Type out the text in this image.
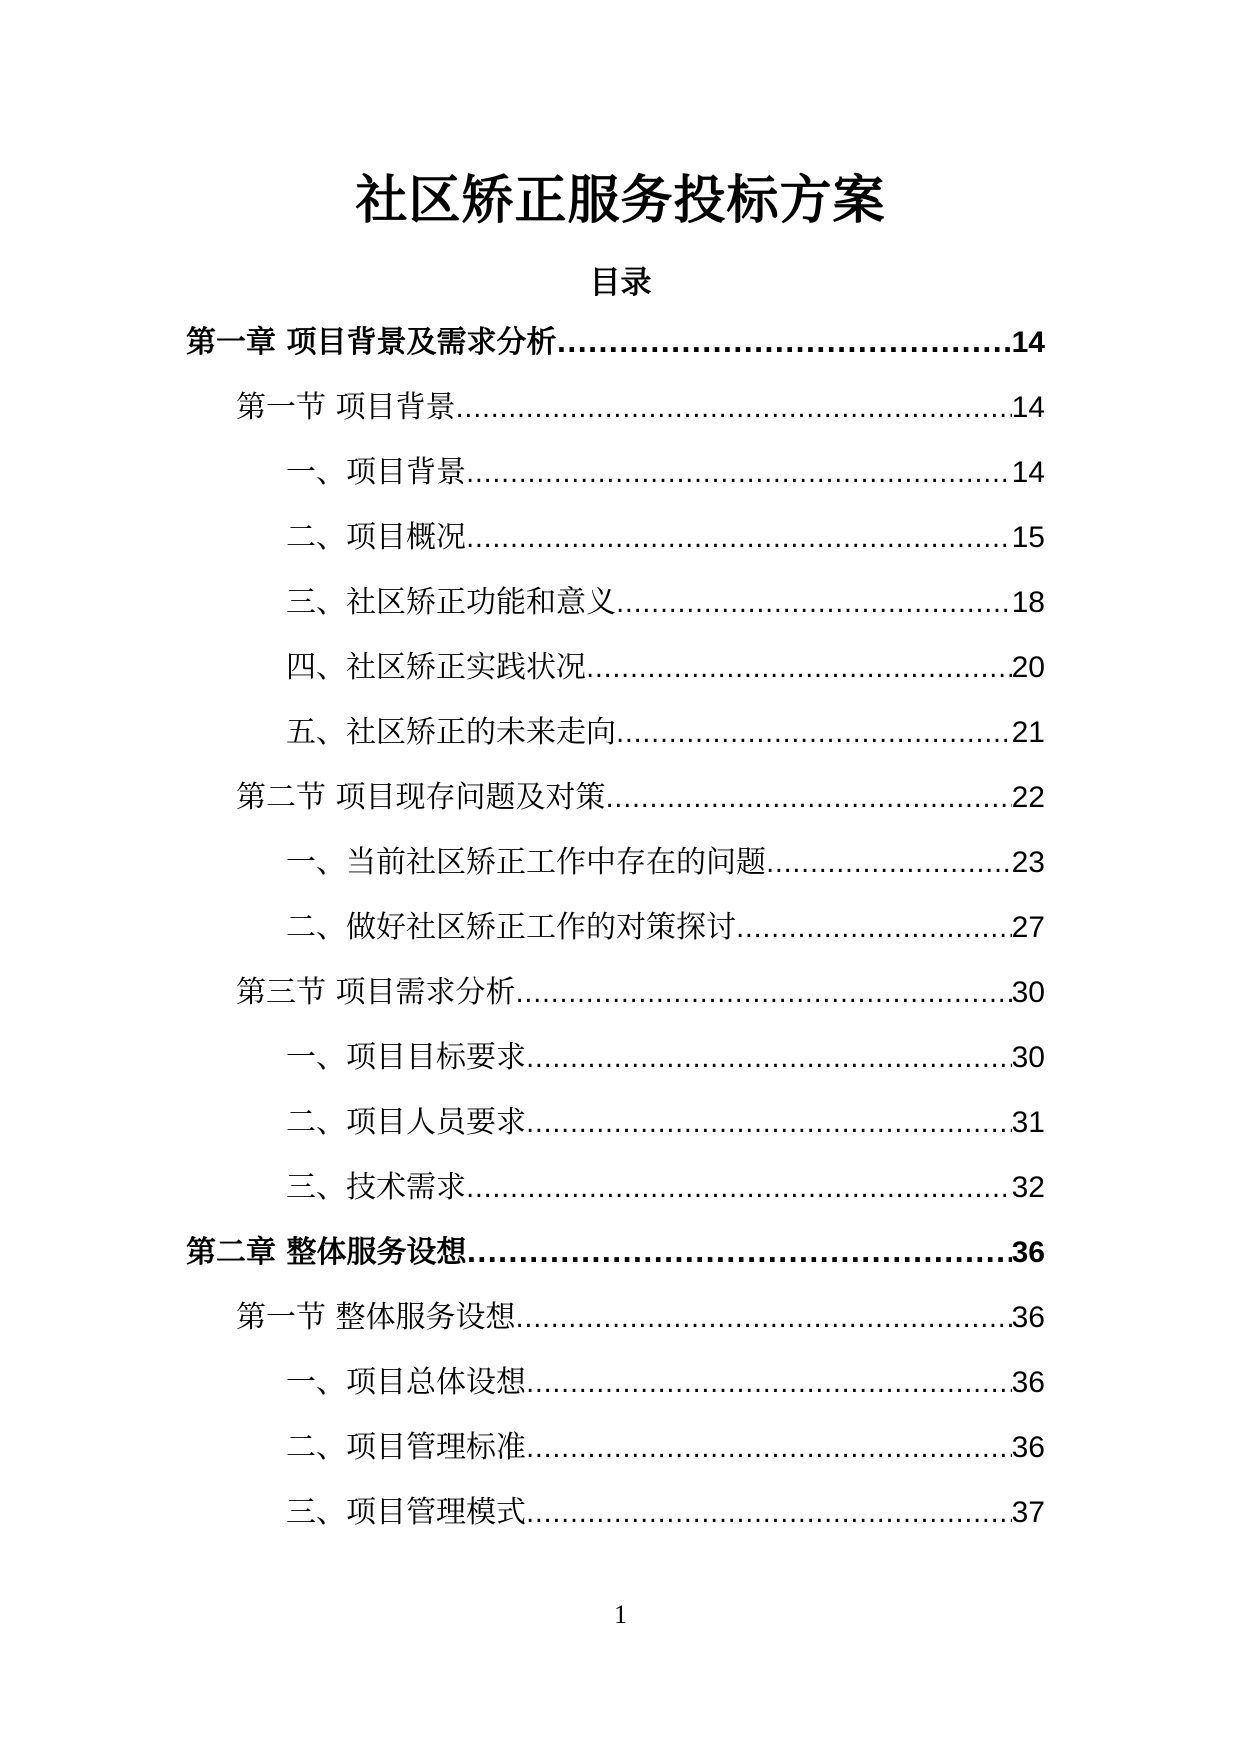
社区矫正服务投标方案
目录
第一章 项目背景及需求分析 .....	14
第一节 项目背景 .....	14
一、项目背景 .....	14
二、项目概况 .....	15
三、社区矫正功能和意义 .....	18
四、社区矫正实践状况 .....	20
五、社区矫正的未来走向 .....	21
第二节 项目现存问题及对策 .....	22
一、当前社区矫正工作中存在的问题 .....	23
二、做好社区矫正工作的对策探讨 .....	27
第三节 项目需求分析 .....	30
一、项目目标要求 .....	30
二、项目人员要求 .....	31
三、技术需求 .....	32
第二章 整体服务设想 .....	36
第一节 整体服务设想 .....	36
一、项目总体设想 .....	36
二、项目管理标准 .....	36
三、项目管理模式 .....	37
1
